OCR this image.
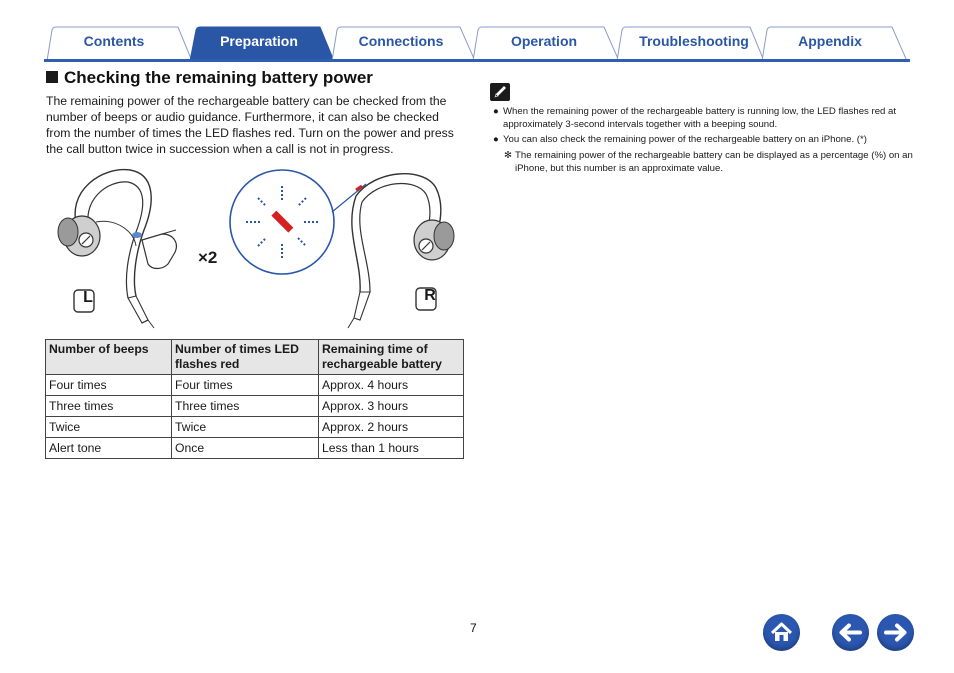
Contents	Preparation	Connections	Operation	Troubleshooting	Appendix
Checking the remaining battery power
The remaining power of the rechargeable battery can be checked from the number of beeps or audio guidance. Furthermore, it can also be checked from the number of times the LED flashes red. Turn on the power and press the call button twice in succession when a call is not in progress.
×2
L	R
Number of beeps	Number of times LED flashes red	Remaining time of rechargeable battery
Four times	Four times	Approx. 4 hours
Three times	Three times	Approx. 3 hours
Twice	Twice	Approx. 2 hours
Alert tone	Once	Less than 1 hours
● When the remaining power of the rechargeable battery is running low, the LED flashes red at approximately 3-second intervals together with a beeping sound.
● You can also check the remaining power of the rechargeable battery on an iPhone. (*)
✻ The remaining power of the rechargeable battery can be displayed as a percentage (%) on an iPhone, but this number is an approximate value.
7
